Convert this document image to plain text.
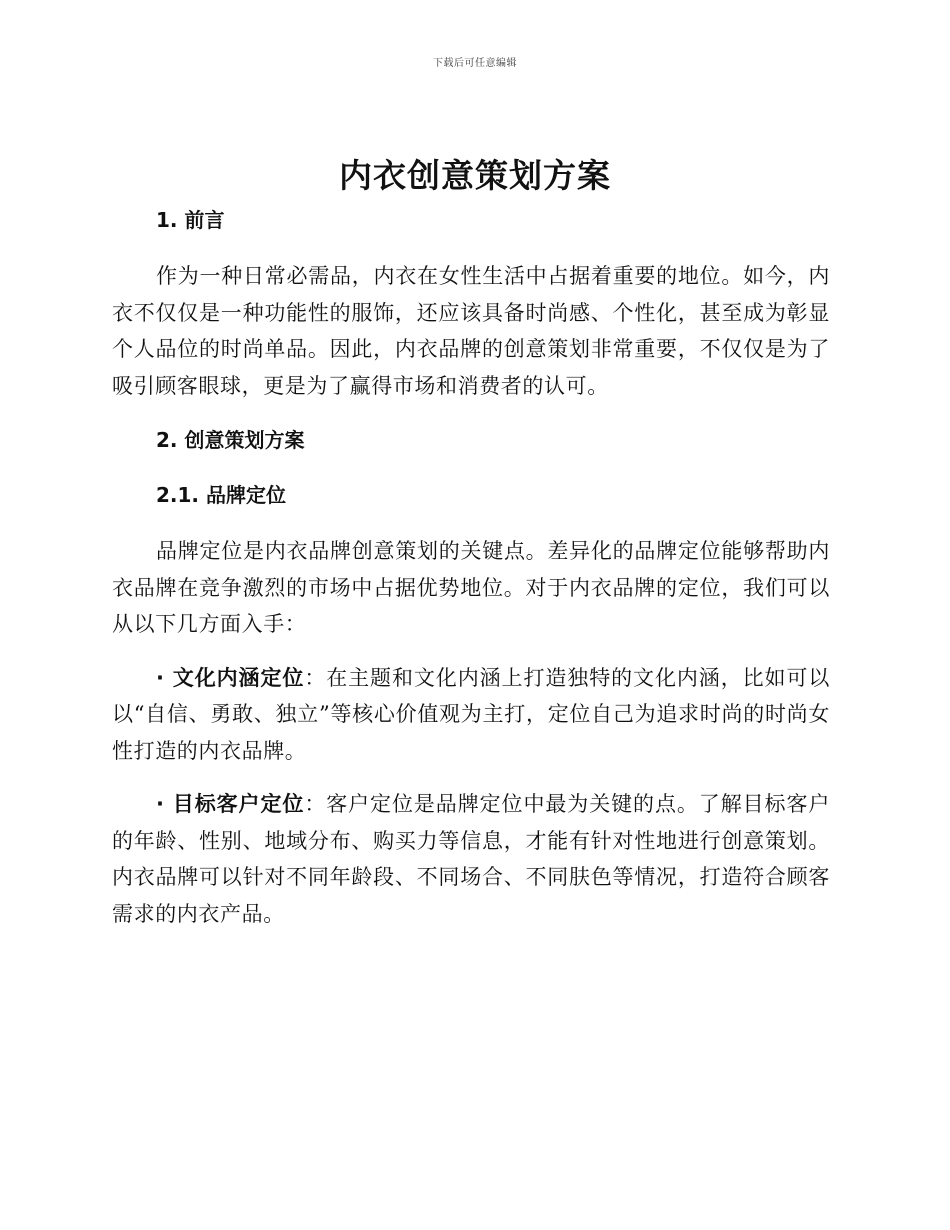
下载后可任意编辑
内衣创意策划方案
1. 前言

作为一种日常必需品，内衣在女性生活中占据着重要的地位。如今，内衣不仅仅是一种功能性的服饰，还应该具备时尚感、个性化，甚至成为彰显个人品位的时尚单品。因此，内衣品牌的创意策划非常重要，不仅仅是为了吸引顾客眼球，更是为了赢得市场和消费者的认可。

2. 创意策划方案
2.1. 品牌定位

品牌定位是内衣品牌创意策划的关键点。差异化的品牌定位能够帮助内衣品牌在竞争激烈的市场中占据优势地位。对于内衣品牌的定位，我们可以从以下几方面入手：

· 文化内涵定位：在主题和文化内涵上打造独特的文化内涵，比如可以以“自信、勇敢、独立”等核心价值观为主打，定位自己为追求时尚的时尚女性打造的内衣品牌。

· 目标客户定位：客户定位是品牌定位中最为关键的点。了解目标客户的年龄、性别、地域分布、购买力等信息，才能有针对性地进行创意策划。内衣品牌可以针对不同年龄段、不同场合、不同肤色等情况，打造符合顾客需求的内衣产品。
